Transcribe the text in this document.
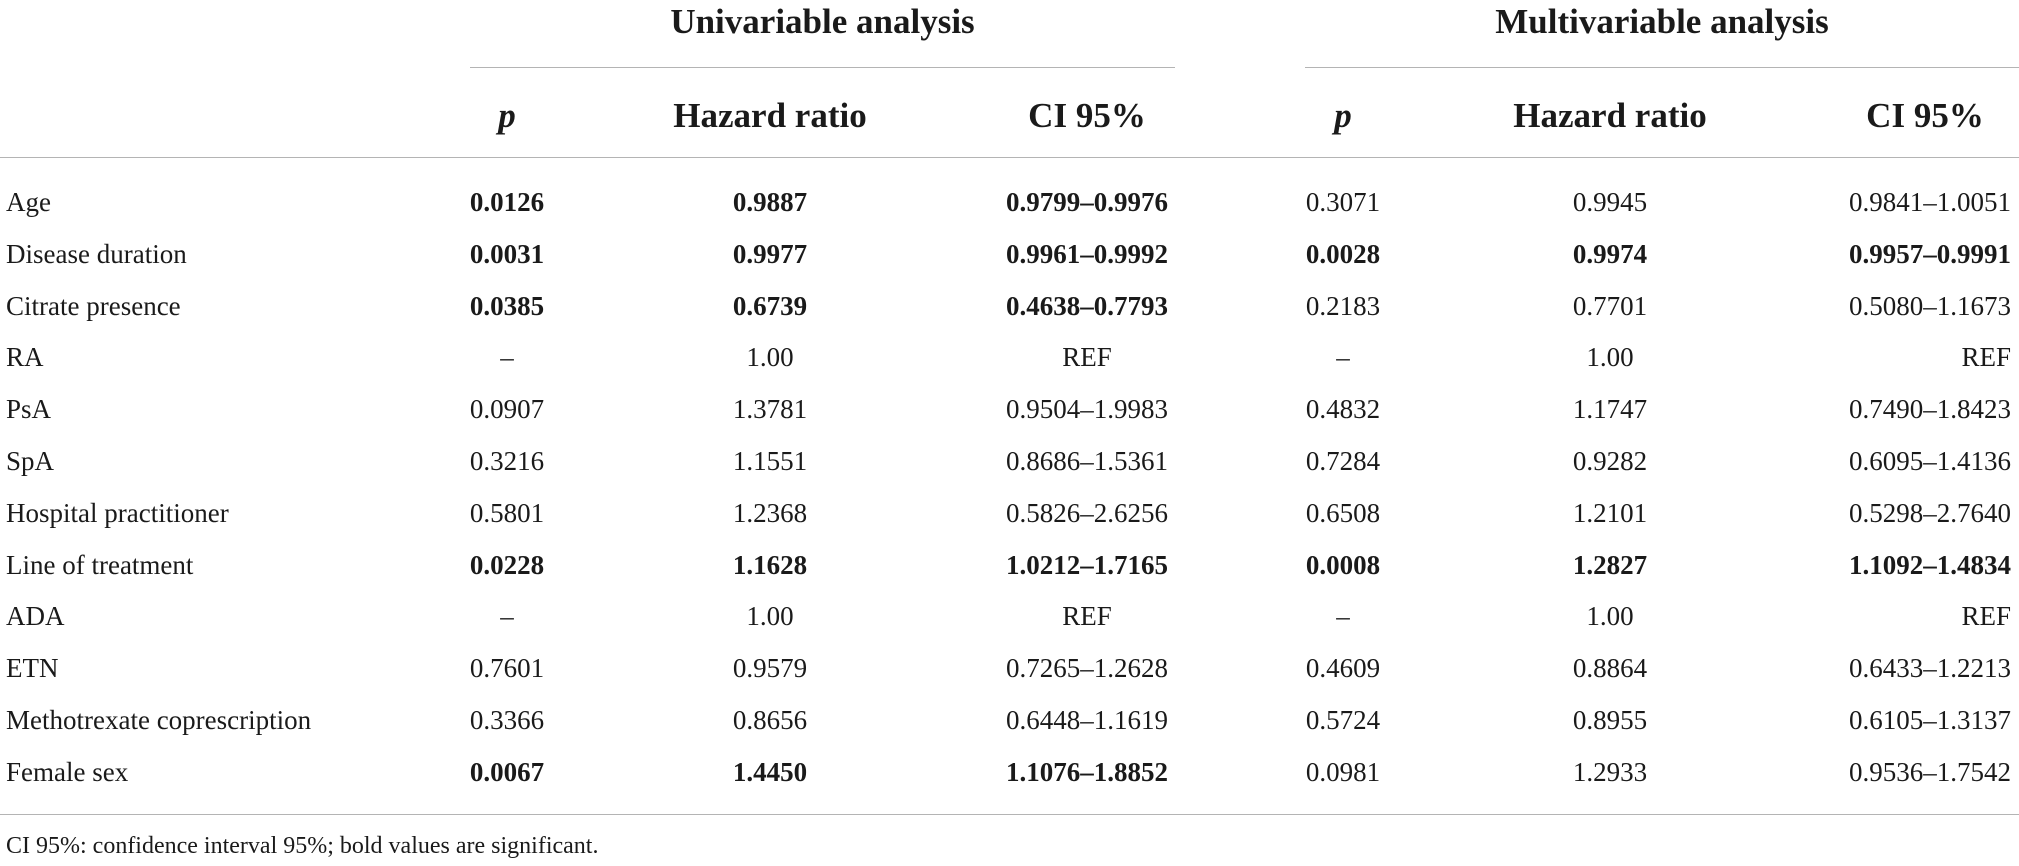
Univariable analysis	Multivariable analysis
p	Hazard ratio	CI 95%	p	Hazard ratio	CI 95%
Age	0.0126	0.9887	0.9799–0.9976	0.3071	0.9945	0.9841–1.0051
Disease duration	0.0031	0.9977	0.9961–0.9992	0.0028	0.9974	0.9957–0.9991
Citrate presence	0.0385	0.6739	0.4638–0.7793	0.2183	0.7701	0.5080–1.1673
RA	–	1.00	REF	–	1.00	REF
PsA	0.0907	1.3781	0.9504–1.9983	0.4832	1.1747	0.7490–1.8423
SpA	0.3216	1.1551	0.8686–1.5361	0.7284	0.9282	0.6095–1.4136
Hospital practitioner	0.5801	1.2368	0.5826–2.6256	0.6508	1.2101	0.5298–2.7640
Line of treatment	0.0228	1.1628	1.0212–1.7165	0.0008	1.2827	1.1092–1.4834
ADA	–	1.00	REF	–	1.00	REF
ETN	0.7601	0.9579	0.7265–1.2628	0.4609	0.8864	0.6433–1.2213
Methotrexate coprescription	0.3366	0.8656	0.6448–1.1619	0.5724	0.8955	0.6105–1.3137
Female sex	0.0067	1.4450	1.1076–1.8852	0.0981	1.2933	0.9536–1.7542
CI 95%: confidence interval 95%; bold values are significant.
